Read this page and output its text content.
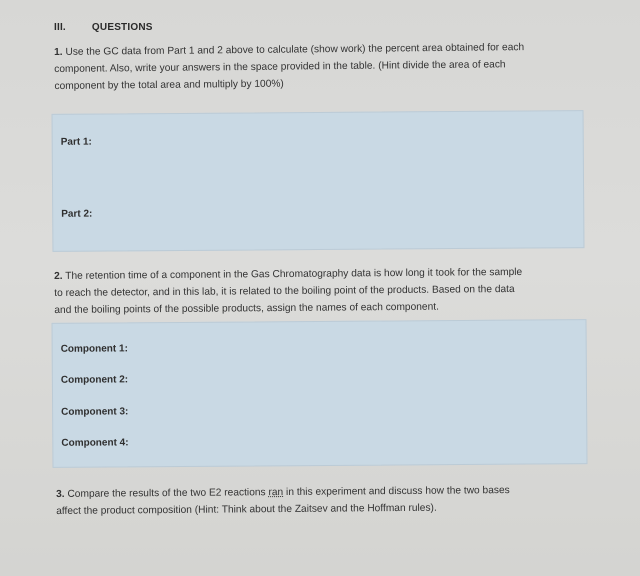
III.	QUESTIONS
1. Use the GC data from Part 1 and 2 above to calculate (show work) the percent area obtained for each
component. Also, write your answers in the space provided in the table. (Hint divide the area of each
component by the total area and multiply by 100%)
Part 1:
Part 2:
2. The retention time of a component in the Gas Chromatography data is how long it took for the sample
to reach the detector, and in this lab, it is related to the boiling point of the products. Based on the data
and the boiling points of the possible products, assign the names of each component.
Component 1:
Component 2:
Component 3:
Component 4:
3. Compare the results of the two E2 reactions ran in this experiment and discuss how the two bases
affect the product composition (Hint: Think about the Zaitsev and the Hoffman rules).
